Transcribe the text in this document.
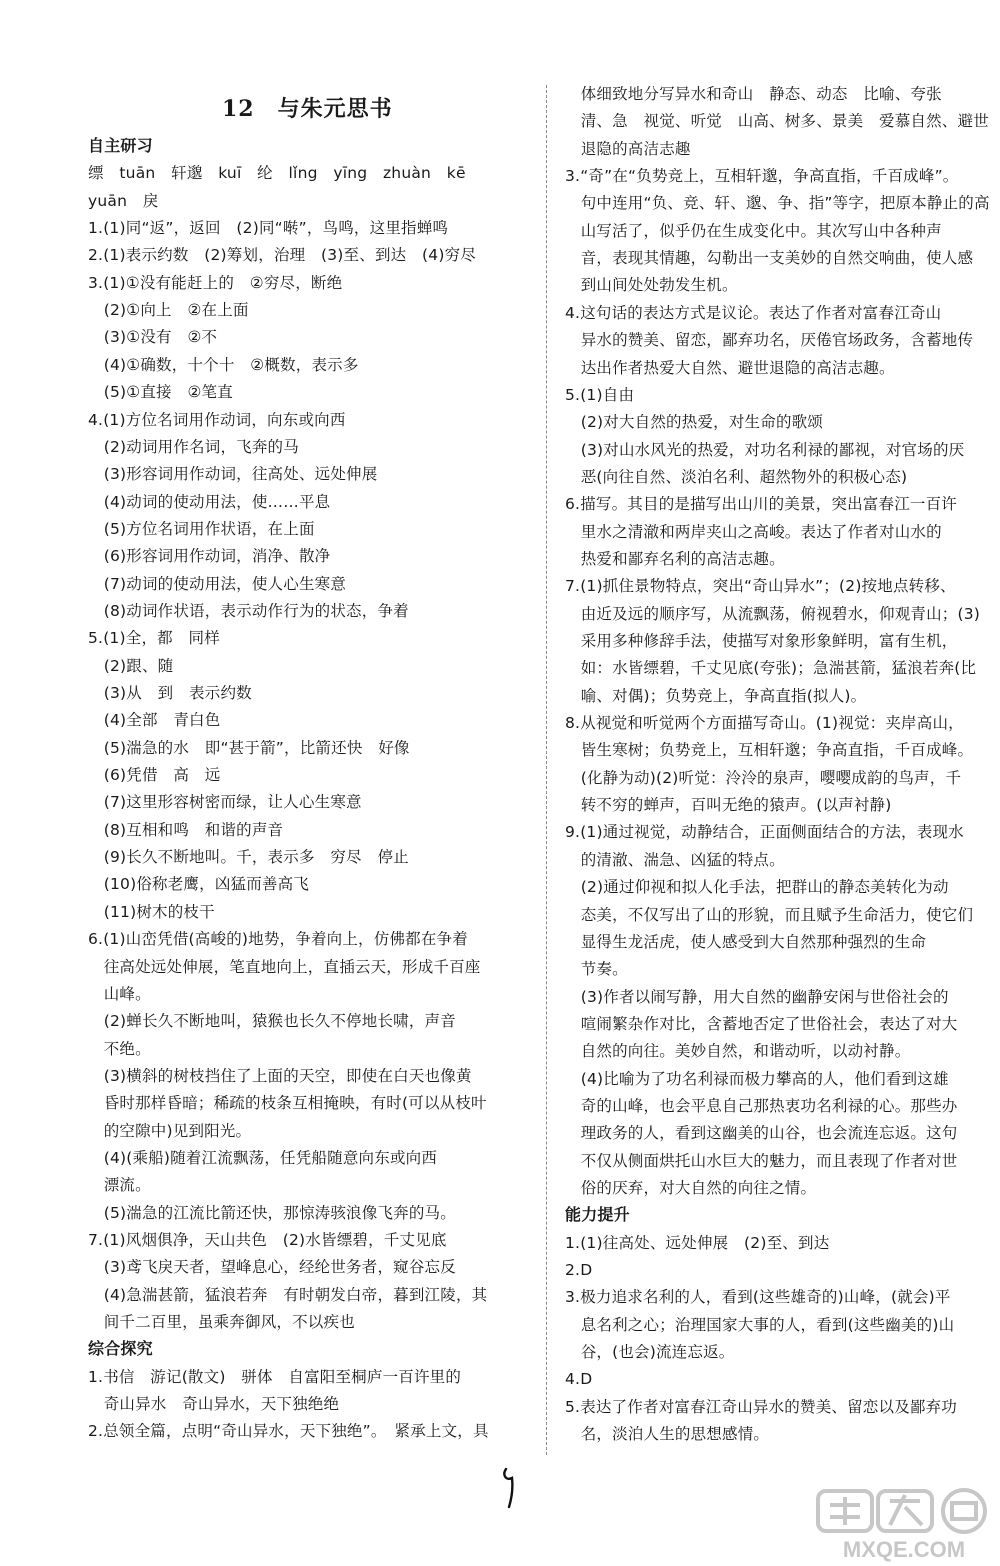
12　与朱元思书
自主研习
缥　tuān　轩邈　kuī　纶　lǐng　yīng　zhuàn　kē
yuān　戾
1.(1)同“返”，返回　(2)同“啭”，鸟鸣，这里指蝉鸣
2.(1)表示约数　(2)筹划，治理　(3)至、到达　(4)穷尽
3.(1)①没有能赶上的　②穷尽，断绝
　(2)①向上　②在上面
　(3)①没有　②不
　(4)①确数，十个十　②概数，表示多
　(5)①直接　②笔直
4.(1)方位名词用作动词，向东或向西
　(2)动词用作名词，飞奔的马
　(3)形容词用作动词，往高处、远处伸展
　(4)动词的使动用法，使……平息
　(5)方位名词用作状语，在上面
　(6)形容词用作动词，消净、散净
　(7)动词的使动用法，使人心生寒意
　(8)动词作状语，表示动作行为的状态，争着
5.(1)全，都　同样
　(2)跟、随
　(3)从　到　表示约数
　(4)全部　青白色
　(5)湍急的水　即“甚于箭”，比箭还快　好像
　(6)凭借　高　远
　(7)这里形容树密而绿，让人心生寒意
　(8)互相和鸣　和谐的声音
　(9)长久不断地叫。千，表示多　穷尽　停止
　(10)俗称老鹰，凶猛而善高飞
　(11)树木的枝干
6.(1)山峦凭借(高峻的)地势，争着向上，仿佛都在争着
　往高处远处伸展，笔直地向上，直插云天，形成千百座
　山峰。
　(2)蝉长久不断地叫，猿猴也长久不停地长啸，声音
　不绝。
　(3)横斜的树枝挡住了上面的天空，即使在白天也像黄
　昏时那样昏暗；稀疏的枝条互相掩映，有时(可以从枝叶
　的空隙中)见到阳光。
　(4)(乘船)随着江流飘荡，任凭船随意向东或向西
　漂流。
　(5)湍急的江流比箭还快，那惊涛骇浪像飞奔的马。
7.(1)风烟俱净，天山共色　(2)水皆缥碧，千丈见底
　(3)鸢飞戾天者，望峰息心，经纶世务者，窥谷忘反
　(4)急湍甚箭，猛浪若奔　有时朝发白帝，暮到江陵，其
　间千二百里，虽乘奔御风，不以疾也
综合探究
1.书信　游记(散文)　骈体　自富阳至桐庐一百许里的
　奇山异水　奇山异水，天下独绝绝
2.总领全篇，点明“奇山异水，天下独绝”。　紧承上文，具
　体细致地分写异水和奇山　静态、动态　比喻、夸张
　清、急　视觉、听觉　山高、树多、景美　爱慕自然、避世
　退隐的高洁志趣
3.“奇”在“负势竞上，互相轩邈，争高直指，千百成峰”。
　句中连用“负、竞、轩、邈、争、指”等字，把原本静止的高
　山写活了，似乎仍在生成变化中。其次写山中各种声
　音，表现其情趣，勾勒出一支美妙的自然交响曲，使人感
　到山间处处勃发生机。
4.这句话的表达方式是议论。表达了作者对富春江奇山
　异水的赞美、留恋，鄙弃功名，厌倦官场政务，含蓄地传
　达出作者热爱大自然、避世退隐的高洁志趣。
5.(1)自由
　(2)对大自然的热爱，对生命的歌颂
　(3)对山水风光的热爱，对功名利禄的鄙视，对官场的厌
　恶(向往自然、淡泊名利、超然物外的积极心态)
6.描写。其目的是描写出山川的美景，突出富春江一百许
　里水之清澈和两岸夹山之高峻。表达了作者对山水的
　热爱和鄙弃名利的高洁志趣。
7.(1)抓住景物特点，突出“奇山异水”；(2)按地点转移、
　由近及远的顺序写，从流飘荡，俯视碧水，仰观青山；(3)
　采用多种修辞手法，使描写对象形象鲜明，富有生机，
　如：水皆缥碧，千丈见底(夸张)；急湍甚箭，猛浪若奔(比
　喻、对偶)；负势竞上，争高直指(拟人)。
8.从视觉和听觉两个方面描写奇山。(1)视觉：夹岸高山，
　皆生寒树；负势竞上，互相轩邈；争高直指，千百成峰。
　(化静为动)(2)听觉：泠泠的泉声，嘤嘤成韵的鸟声，千
　转不穷的蝉声，百叫无绝的猿声。(以声衬静)
9.(1)通过视觉，动静结合，正面侧面结合的方法，表现水
　的清澈、湍急、凶猛的特点。
　(2)通过仰视和拟人化手法，把群山的静态美转化为动
　态美，不仅写出了山的形貌，而且赋予生命活力，使它们
　显得生龙活虎，使人感受到大自然那种强烈的生命
　节奏。
　(3)作者以闹写静，用大自然的幽静安闲与世俗社会的
　喧闹繁杂作对比，含蓄地否定了世俗社会，表达了对大
　自然的向往。美妙自然，和谐动听，以动衬静。
　(4)比喻为了功名利禄而极力攀高的人，他们看到这雄
　奇的山峰，也会平息自己那热衷功名利禄的心。那些办
　理政务的人，看到这幽美的山谷，也会流连忘返。这句
　不仅从侧面烘托山水巨大的魅力，而且表现了作者对世
　俗的厌弃，对大自然的向往之情。
能力提升
1.(1)往高处、远处伸展　(2)至、到达
2.D
3.极力追求名利的人，看到(这些雄奇的)山峰，(就会)平
　息名利之心；治理国家大事的人，看到(这些幽美的)山
　谷，(也会)流连忘返。
4.D
5.表达了作者对富春江奇山异水的赞美、留恋以及鄙弃功
　名，淡泊人生的思想感情。
MXQE.COM
